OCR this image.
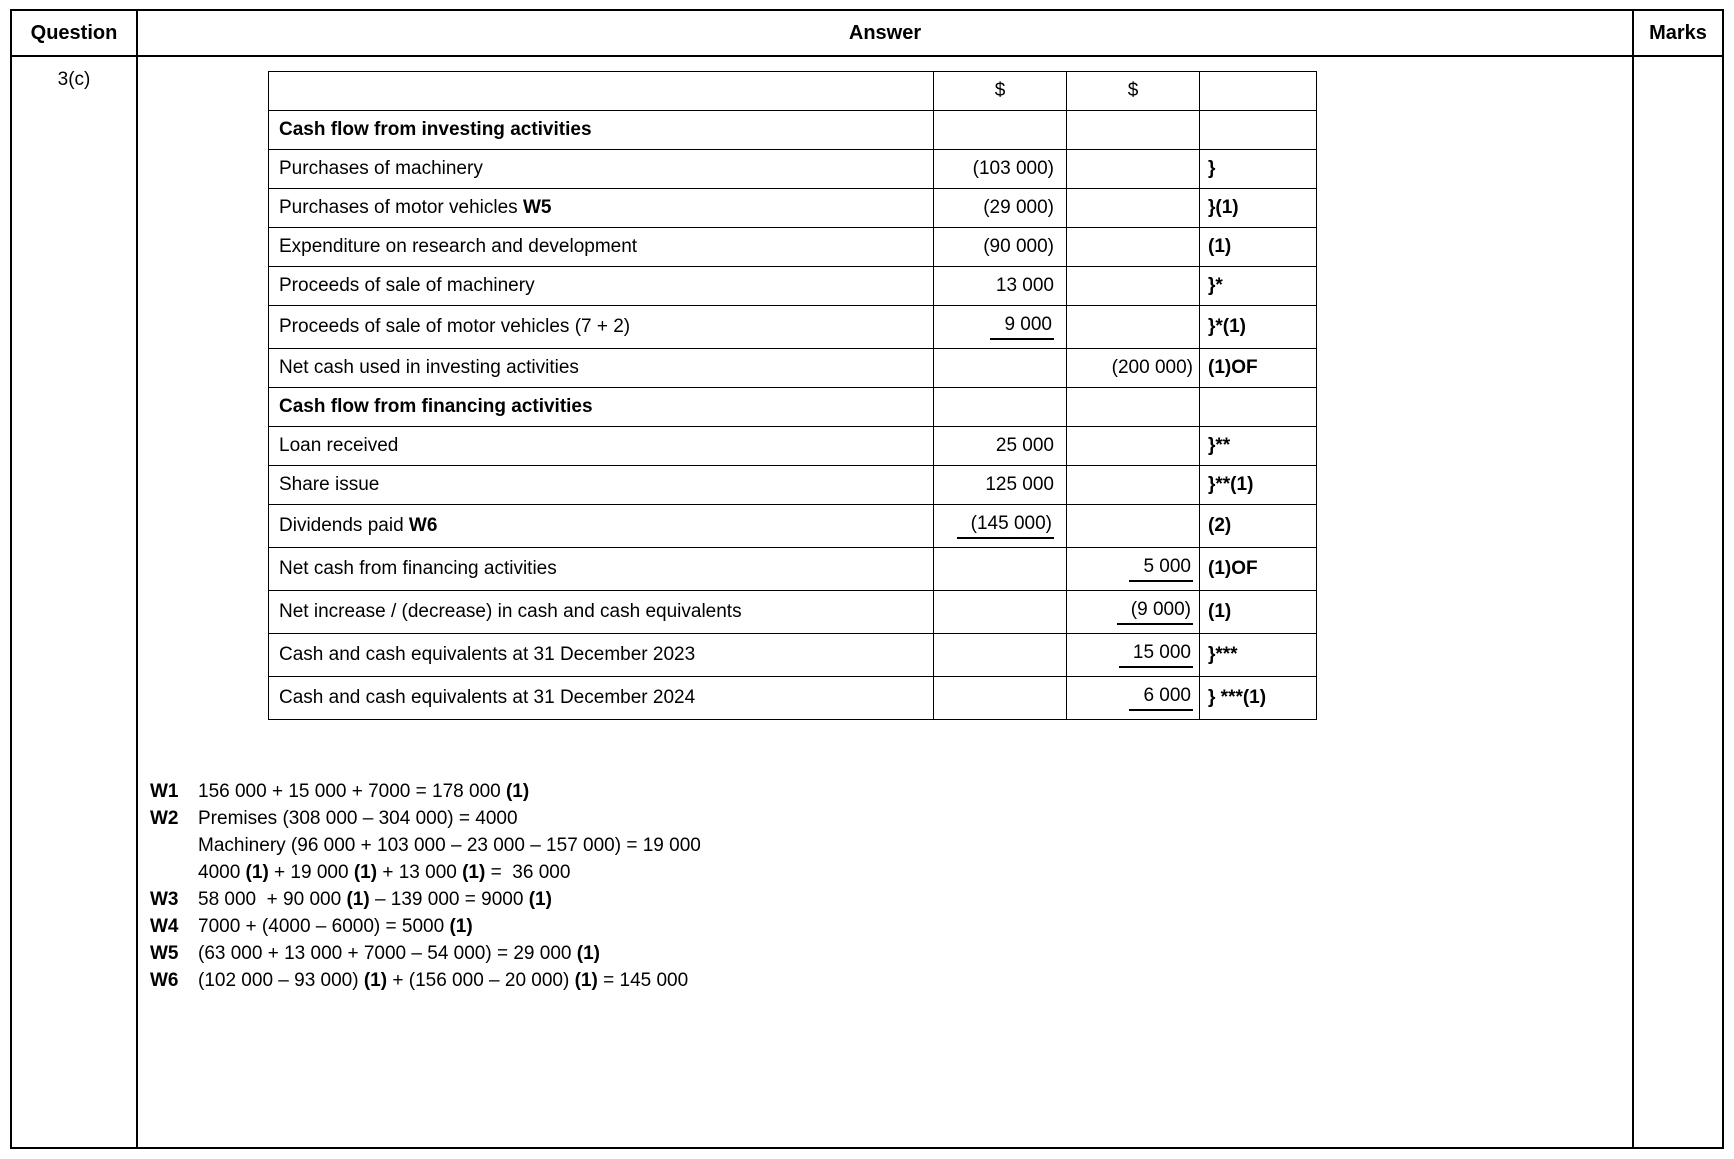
Question	Answer	Marks
3(c)	
	$	$	
Cash flow from investing activities			
Purchases of machinery	(103 000)		}
Purchases of motor vehicles W5	(29 000)		}(1)
Expenditure on research and development	(90 000)		(1)
Proceeds of sale of machinery	13 000		}*
Proceeds of sale of motor vehicles (7 + 2)	9 000		}*(1)
Net cash used in investing activities		(200 000)	(1)OF
Cash flow from financing activities			
Loan received	25 000		}**
Share issue	125 000		}**(1)
Dividends paid W6	(145 000)		(2)
Net cash from financing activities		5 000	(1)OF
Net increase / (decrease) in cash and cash equivalents		(9 000)	(1)
Cash and cash equivalents at 31 December 2023		15 000	}***
Cash and cash equivalents at 31 December 2024		6 000	} ***(1)
W1	156 000 + 15 000 + 7000 = 178 000 (1)
W2	Premises (308 000 – 304 000) = 4000
Machinery (96 000 + 103 000 – 23 000 – 157 000) = 19 000
4000 (1) + 19 000 (1) + 13 000 (1) =  36 000
W3	58 000  + 90 000 (1) – 139 000 = 9000 (1)
W4	7000 + (4000 – 6000) = 5000 (1)
W5	(63 000 + 13 000 + 7000 – 54 000) = 29 000 (1)
W6	(102 000 – 93 000) (1) + (156 000 – 20 000) (1) = 145 000
